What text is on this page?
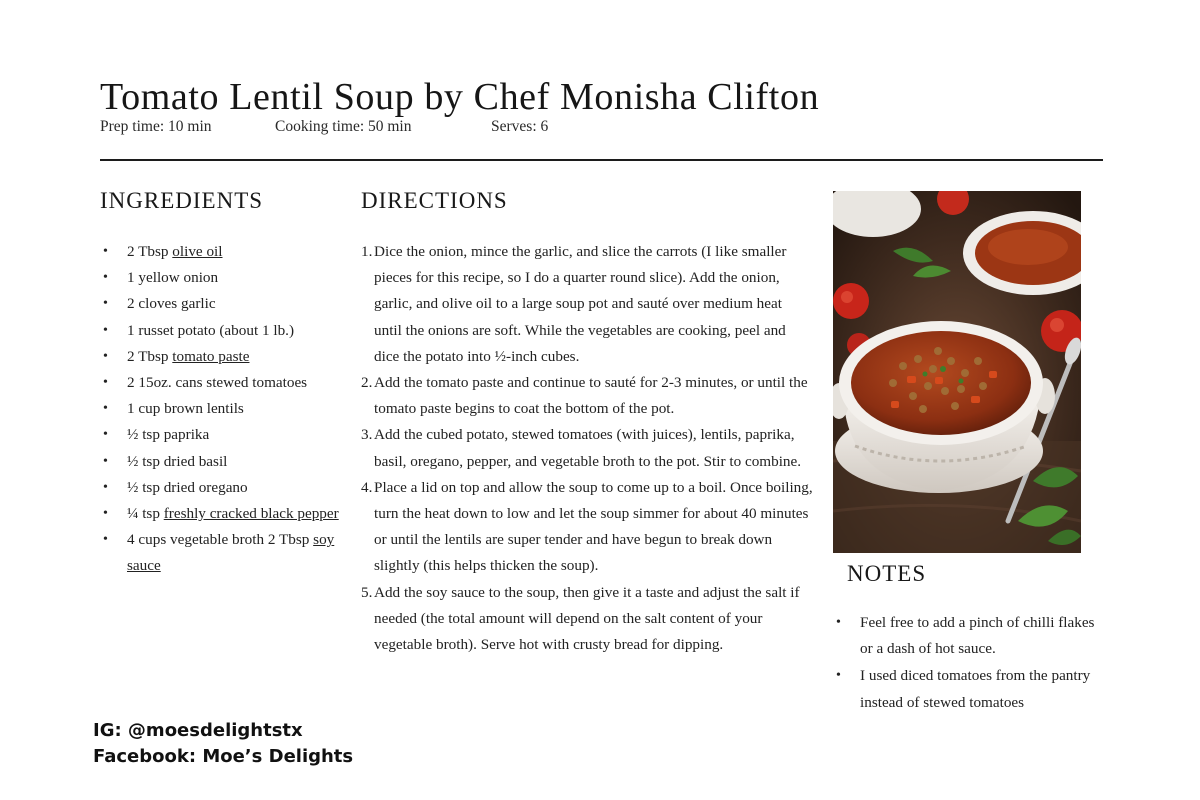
Tomato Lentil Soup by Chef Monisha Clifton
Prep time: 10 min	Cooking time: 50 min	Serves: 6
INGREDIENTS
• 2 Tbsp olive oil
• 1 yellow onion
• 2 cloves garlic
• 1 russet potato (about 1 lb.)
• 2 Tbsp tomato paste
• 2 15oz. cans stewed tomatoes
• 1 cup brown lentils
• ½ tsp paprika
• ½ tsp dried basil
• ½ tsp dried oregano
• ¼ tsp freshly cracked black pepper
• 4 cups vegetable broth 2 Tbsp soy sauce
DIRECTIONS
1. Dice the onion, mince the garlic, and slice the carrots (I like smaller pieces for this recipe, so I do a quarter round slice). Add the onion, garlic, and olive oil to a large soup pot and sauté over medium heat until the onions are soft. While the vegetables are cooking, peel and dice the potato into ½-inch cubes.
2. Add the tomato paste and continue to sauté for 2-3 minutes, or until the tomato paste begins to coat the bottom of the pot.
3. Add the cubed potato, stewed tomatoes (with juices), lentils, paprika, basil, oregano, pepper, and vegetable broth to the pot. Stir to combine.
4. Place a lid on top and allow the soup to come up to a boil. Once boiling, turn the heat down to low and let the soup simmer for about 40 minutes or until the lentils are super tender and have begun to break down slightly (this helps thicken the soup).
5. Add the soy sauce to the soup, then give it a taste and adjust the salt if needed (the total amount will depend on the salt content of your vegetable broth). Serve hot with crusty bread for dipping.
NOTES
• Feel free to add a pinch of chilli flakes or a dash of hot sauce.
• I used diced tomatoes from the pantry instead of stewed tomatoes
IG: @moesdelightstx
Facebook: Moe’s Delights
